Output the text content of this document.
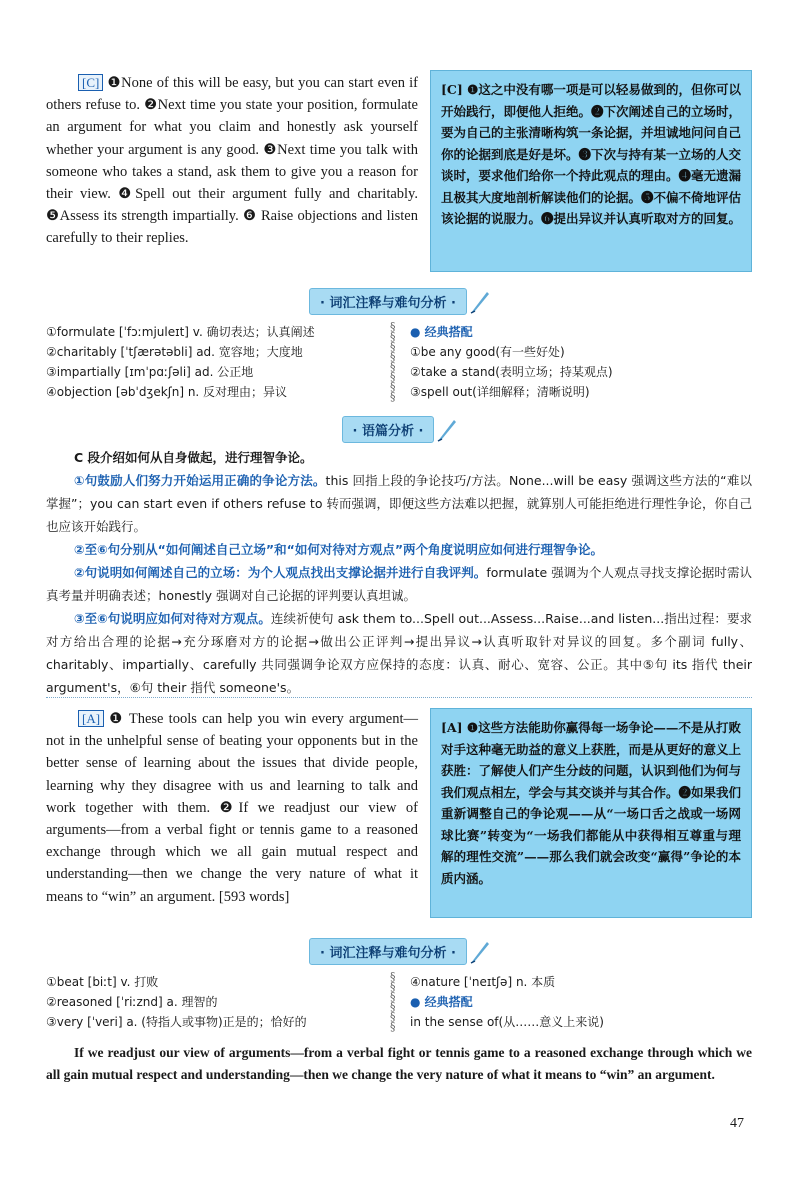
[C] ❶None of this will be easy, but you can start even if others refuse to. ❷Next time you state your position, formulate an argument for what you claim and honestly ask yourself whether your argument is any good. ❸Next time you talk with someone who takes a stand, ask them to give you a reason for their view. ❹Spell out their argument fully and charitably. ❺Assess its strength impartially. ❻ Raise objections and listen carefully to their replies.
[C] ❶这之中没有哪一项是可以轻易做到的，但你可以开始践行，即便他人拒绝。❷下次阐述自己的立场时，要为自己的主张清晰构筑一条论据，并坦诚地问问自己你的论据到底是好是坏。❸下次与持有某一立场的人交谈时，要求他们给你一个持此观点的理由。❹毫无遗漏且极其大度地剖析解读他们的论据。❺不偏不倚地评估该论据的说服力。❻提出异议并认真听取对方的回复。
· 词汇注释与难句分析 ·
①formulate [ˈfɔːmjuleɪt] v. 确切表达；认真阐述
②charitably [ˈtʃærətəbli] ad. 宽容地；大度地
③impartially [ɪmˈpɑːʃəli] ad. 公正地
④objection [əbˈdʒekʃn] n. 反对理由；异议
§
§
§
§
§
§
§
§
● 经典搭配
①be any good(有一些好处)
②take a stand(表明立场；持某观点)
③spell out(详细解释；清晰说明)
· 语篇分析 ·

C 段介绍如何从自身做起，进行理智争论。

①句鼓励人们努力开始运用正确的争论方法。this 回指上段的争论技巧/方法。None...will be easy 强调这些方法的“难以掌握”；you can start even if others refuse to 转而强调，即便这些方法难以把握，就算别人可能拒绝进行理性争论，你自己也应该开始践行。

②至⑥句分别从“如何阐述自己立场”和“如何对待对方观点”两个角度说明应如何进行理智争论。

②句说明如何阐述自己的立场：为个人观点找出支撑论据并进行自我评判。formulate 强调为个人观点寻找支撑论据时需认真考量并明确表述；honestly 强调对自己论据的评判要认真坦诚。

③至⑥句说明应如何对待对方观点。连续祈使句 ask them to...Spell out...Assess...Raise...and listen...指出过程：要求对方给出合理的论据→充分琢磨对方的论据→做出公正评判→提出异议→认真听取针对异议的回复。多个副词 fully、charitably、impartially、carefully 共同强调争论双方应保持的态度：认真、耐心、宽容、公正。其中⑤句 its 指代 their argument's，⑥句 their 指代 someone's。

[A] ❶ These tools can help you win every argument—not in the unhelpful sense of beating your opponents but in the better sense of learning about the issues that divide people, learning why they disagree with us and learning to talk and work together with them. ❷If we readjust our view of arguments—from a verbal fight or tennis game to a reasoned exchange through which we all gain mutual respect and understanding—then we change the very nature of what it means to “win” an argument. [593 words]
[A] ❶这些方法能助你赢得每一场争论——不是从打败对手这种毫无助益的意义上获胜，而是从更好的意义上获胜：了解使人们产生分歧的问题，认识到他们为何与我们观点相左，学会与其交谈并与其合作。❷如果我们重新调整自己的争论观——从“一场口舌之战或一场网球比赛”转变为“一场我们都能从中获得相互尊重与理解的理性交流”——那么我们就会改变“赢得”争论的本质内涵。
· 词汇注释与难句分析 ·
①beat [biːt] v. 打败
②reasoned [ˈriːznd] a. 理智的
③very [ˈveri] a. (特指人或事物)正是的；恰好的
§
§
§
§
§
§
④nature [ˈneɪtʃə] n. 本质
● 经典搭配
in the sense of(从……意义上来说)
If we readjust our view of arguments—from a verbal fight or tennis game to a reasoned exchange through which we all gain mutual respect and understanding—then we change the very nature of what it means to “win” an argument.
47
